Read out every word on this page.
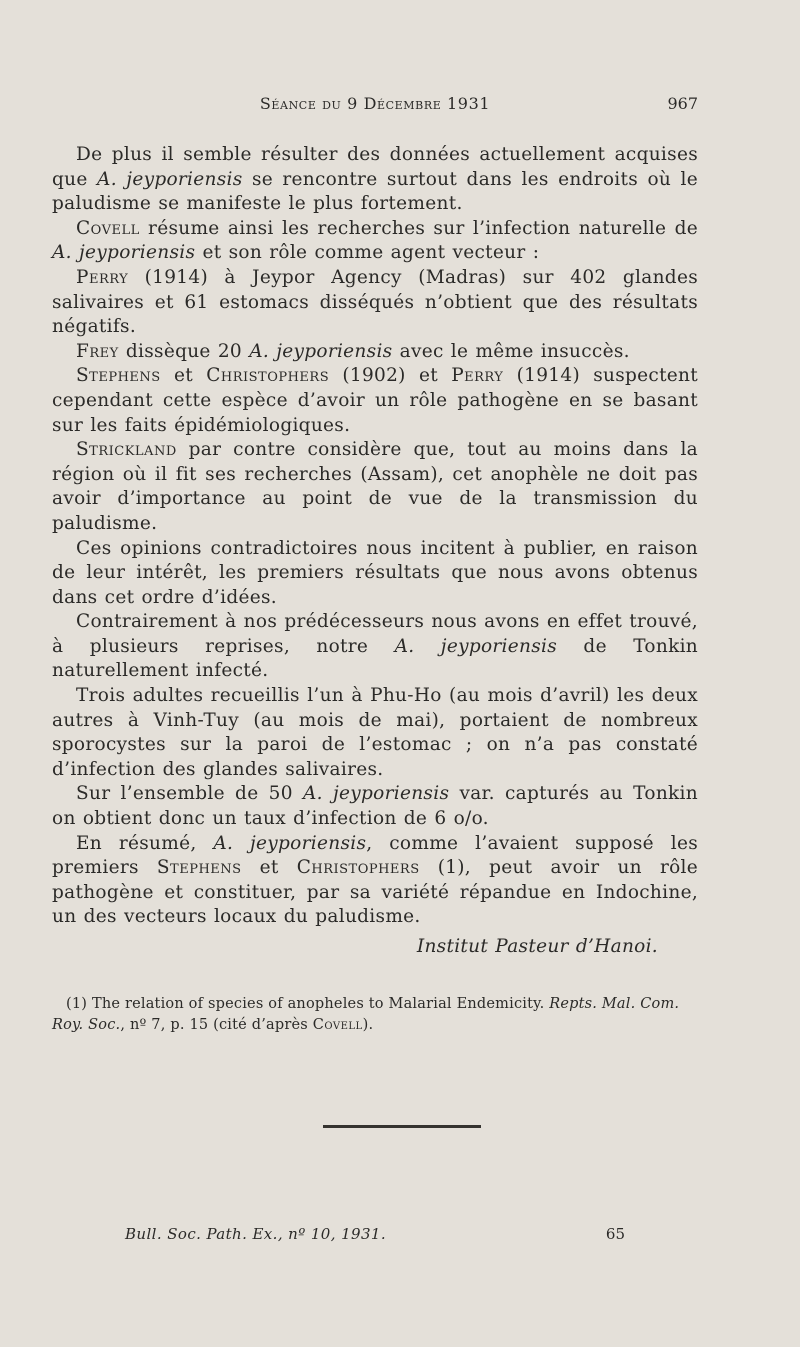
Séance du 9 Décembre 1931	967

De plus il semble résulter des données actuellement acquises que A. jeyporiensis se rencontre surtout dans les endroits où le paludisme se manifeste le plus fortement.

Covell résume ainsi les recherches sur l’infection naturelle de A. jeyporiensis et son rôle comme agent vecteur :

Perry (1914) à Jeypor Agency (Madras) sur 402 glandes salivaires et 61 estomacs disséqués n’obtient que des résultats négatifs.

Frey dissèque 20 A. jeyporiensis avec le même insuccès.

Stephens et Christophers (1902) et Perry (1914) suspectent cependant cette espèce d’avoir un rôle pathogène en se basant sur les faits épidémiologiques.

Strickland par contre considère que, tout au moins dans la région où il fit ses recherches (Assam), cet anophèle ne doit pas avoir d’importance au point de vue de la transmission du paludisme.

Ces opinions contradictoires nous incitent à publier, en raison de leur intérêt, les premiers résultats que nous avons obtenus dans cet ordre d’idées.

Contrairement à nos prédécesseurs nous avons en effet trouvé, à plusieurs reprises, notre A. jeyporiensis de Tonkin naturellement infecté.

Trois adultes recueillis l’un à Phu-Ho (au mois d’avril) les deux autres à Vinh-Tuy (au mois de mai), portaient de nombreux sporocystes sur la paroi de l’estomac ; on n’a pas constaté d’infection des glandes salivaires.

Sur l’ensemble de 50 A. jeyporiensis var. capturés au Tonkin on obtient donc un taux d’infection de 6 o/o.

En résumé, A. jeyporiensis, comme l’avaient supposé les premiers Stephens et Christophers (1), peut avoir un rôle pathogène et constituer, par sa variété répandue en Indochine, un des vecteurs locaux du paludisme.

Institut Pasteur d’Hanoi.

(1) The relation of species of anopheles to Malarial Endemicity. Repts. Mal. Com. Roy. Soc., nº 7, p. 15 (cité d’après Covell).

Bull. Soc. Path. Ex., nº 10, 1931.	65
